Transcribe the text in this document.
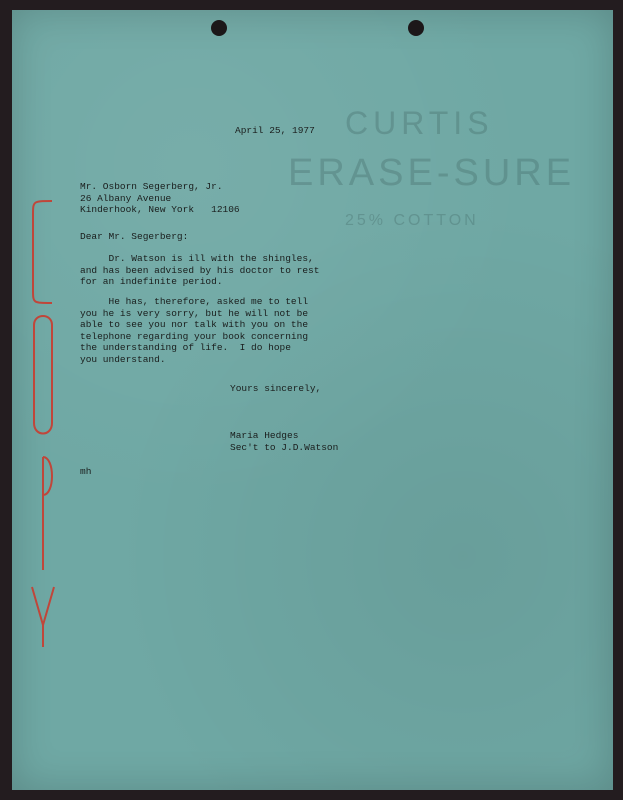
CURTIS
ERASE-SURE
25% COTTON
April 25, 1977
Mr. Osborn Segerberg, Jr.
26 Albany Avenue
Kinderhook, New York   12106
Dear Mr. Segerberg:
Dr. Watson is ill with the shingles,
and has been advised by his doctor to rest
for an indefinite period.
He has, therefore, asked me to tell
you he is very sorry, but he will not be
able to see you nor talk with you on the
telephone regarding your book concerning
the understanding of life.  I do hope
you understand.
Yours sincerely,
Maria Hedges
Sec't to J.D.Watson
mh
